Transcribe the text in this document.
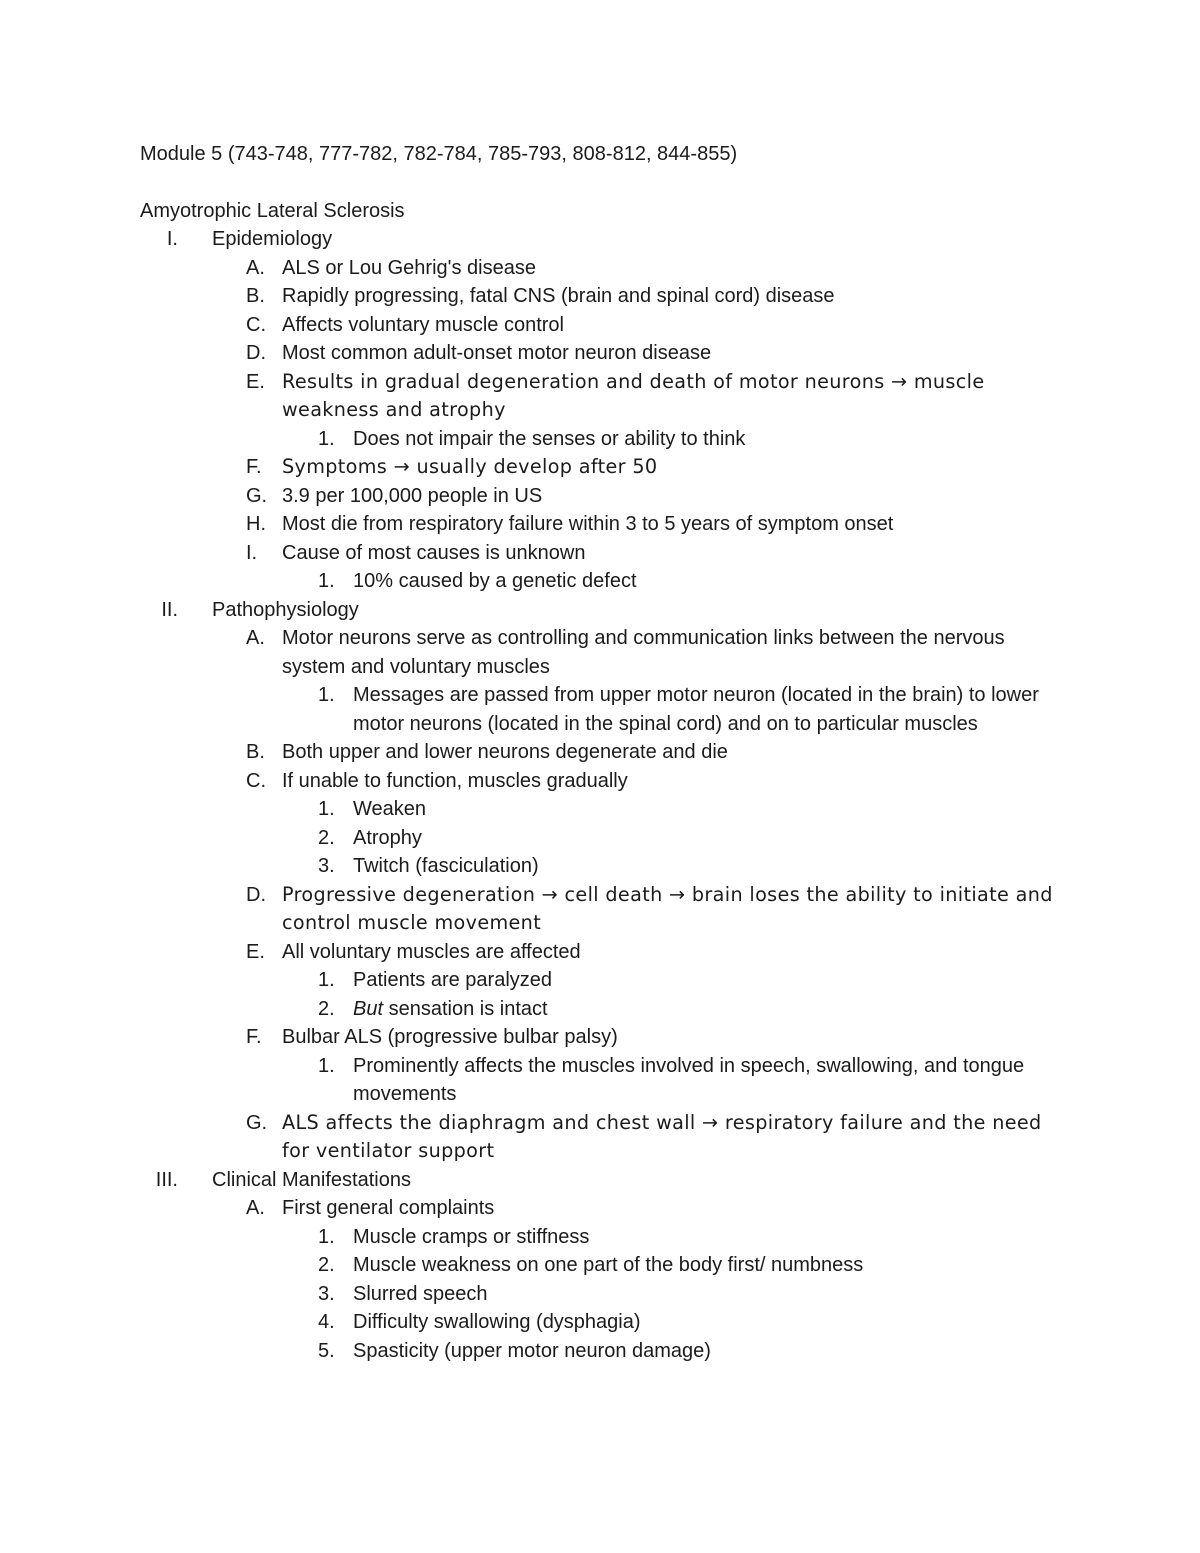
Module 5 (743-748, 777-782, 782-784, 785-793, 808-812, 844-855)
Amyotrophic Lateral Sclerosis
I. Epidemiology
A. ALS or Lou Gehrig's disease
B. Rapidly progressing, fatal CNS (brain and spinal cord) disease
C. Affects voluntary muscle control
D. Most common adult-onset motor neuron disease
E. Results in gradual degeneration and death of motor neurons → muscle weakness and atrophy
1. Does not impair the senses or ability to think
F. Symptoms → usually develop after 50
G. 3.9 per 100,000 people in US
H. Most die from respiratory failure within 3 to 5 years of symptom onset
I. Cause of most causes is unknown
1. 10% caused by a genetic defect
II. Pathophysiology
A. Motor neurons serve as controlling and communication links between the nervous system and voluntary muscles
1. Messages are passed from upper motor neuron (located in the brain) to lower motor neurons (located in the spinal cord) and on to particular muscles
B. Both upper and lower neurons degenerate and die
C. If unable to function, muscles gradually
1. Weaken
2. Atrophy
3. Twitch (fasciculation)
D. Progressive degeneration → cell death → brain loses the ability to initiate and control muscle movement
E. All voluntary muscles are affected
1. Patients are paralyzed
2. But sensation is intact
F. Bulbar ALS (progressive bulbar palsy)
1. Prominently affects the muscles involved in speech, swallowing, and tongue movements
G. ALS affects the diaphragm and chest wall → respiratory failure and the need for ventilator support
III. Clinical Manifestations
A. First general complaints
1. Muscle cramps or stiffness
2. Muscle weakness on one part of the body first/ numbness
3. Slurred speech
4. Difficulty swallowing (dysphagia)
5. Spasticity (upper motor neuron damage)
